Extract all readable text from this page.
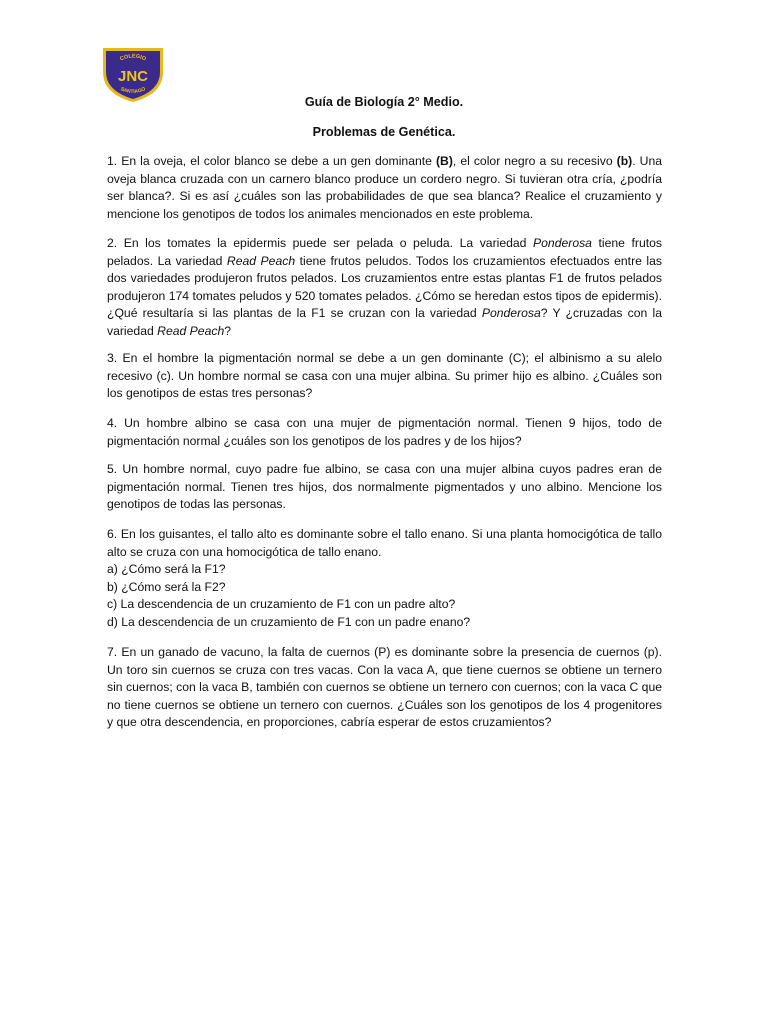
COLEGIO
JNC
SANTIAGO
Guía de Biología 2° Medio.
Problemas de Genética.
1. En la oveja, el color blanco se debe a un gen dominante (B), el color negro a su recesivo (b). Una oveja blanca cruzada con un carnero blanco produce un cordero negro. Si tuvieran otra cría, ¿podría ser blanca?. Si es así ¿cuáles son las probabilidades de que sea blanca? Realice el cruzamiento y mencione los genotipos de todos los animales mencionados en este problema.
2. En los tomates la epidermis puede ser pelada o peluda. La variedad Ponderosa tiene frutos pelados. La variedad Read Peach tiene frutos peludos. Todos los cruzamientos efectuados entre las dos variedades produjeron frutos pelados. Los cruzamientos entre estas plantas F1 de frutos pelados produjeron 174 tomates peludos y 520 tomates pelados. ¿Cómo se heredan estos tipos de epidermis). ¿Qué resultaría si las plantas de la F1 se cruzan con la variedad Ponderosa? Y ¿cruzadas con la variedad Read Peach?
3. En el hombre la pigmentación normal se debe a un gen dominante (C); el albinismo a su alelo recesivo (c). Un hombre normal se casa con una mujer albina. Su primer hijo es albino. ¿Cuáles son los genotipos de estas tres personas?
4. Un hombre albino se casa con una mujer de pigmentación normal. Tienen 9 hijos, todo de pigmentación normal ¿cuáles son los genotipos de los padres y de los hijos?
5. Un hombre normal, cuyo padre fue albino, se casa con una mujer albina cuyos padres eran de pigmentación normal. Tienen tres hijos, dos normalmente pigmentados y uno albino. Mencione los genotipos de todas las personas.
6. En los guisantes, el tallo alto es dominante sobre el tallo enano. Si una planta homocigótica de tallo alto se cruza con una homocigótica de tallo enano.
a) ¿Cómo será la F1?
b) ¿Cómo será la F2?
c) La descendencia de un cruzamiento de F1 con un padre alto?
d) La descendencia de un cruzamiento de F1 con un padre enano?
7. En un ganado de vacuno, la falta de cuernos (P) es dominante sobre la presencia de cuernos (p). Un toro sin cuernos se cruza con tres vacas. Con la vaca A, que tiene cuernos se obtiene un ternero sin cuernos; con la vaca B, también con cuernos se obtiene un ternero con cuernos; con la vaca C que no tiene cuernos se obtiene un ternero con cuernos. ¿Cuáles son los genotipos de los 4 progenitores y que otra descendencia, en proporciones, cabría esperar de estos cruzamientos?
